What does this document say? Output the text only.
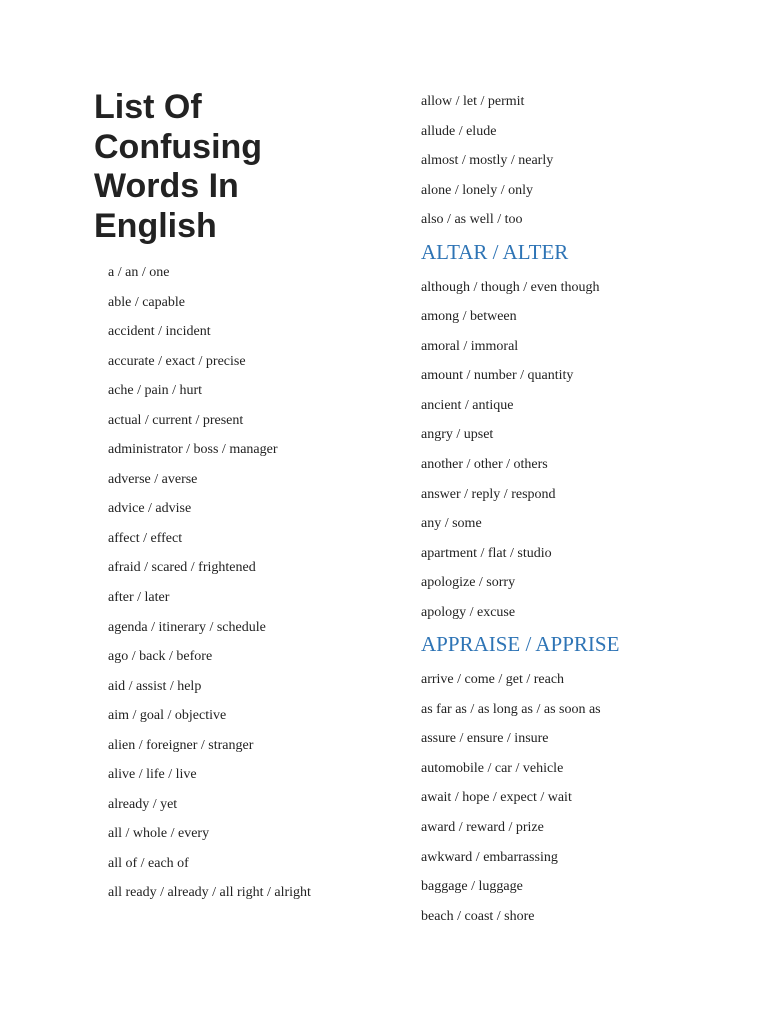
List Of Confusing Words In English
a / an / one
able / capable
accident / incident
accurate / exact / precise
ache / pain / hurt
actual / current / present
administrator / boss / manager
adverse / averse
advice / advise
affect / effect
afraid / scared / frightened
after / later
agenda / itinerary / schedule
ago / back / before
aid / assist / help
aim / goal / objective
alien / foreigner / stranger
alive / life / live
already / yet
all / whole / every
all of / each of
all ready / already / all right / alright
allow / let / permit
allude / elude
almost / mostly / nearly
alone / lonely / only
also / as well / too
ALTAR / ALTER
although / though / even though
among / between
amoral / immoral
amount / number / quantity
ancient / antique
angry / upset
another / other / others
answer / reply / respond
any / some
apartment / flat / studio
apologize / sorry
apology / excuse
APPRAISE / APPRISE
arrive / come / get / reach
as far as / as long as / as soon as
assure / ensure / insure
automobile / car / vehicle
await / hope / expect / wait
award / reward / prize
awkward / embarrassing
baggage / luggage
beach / coast / shore
